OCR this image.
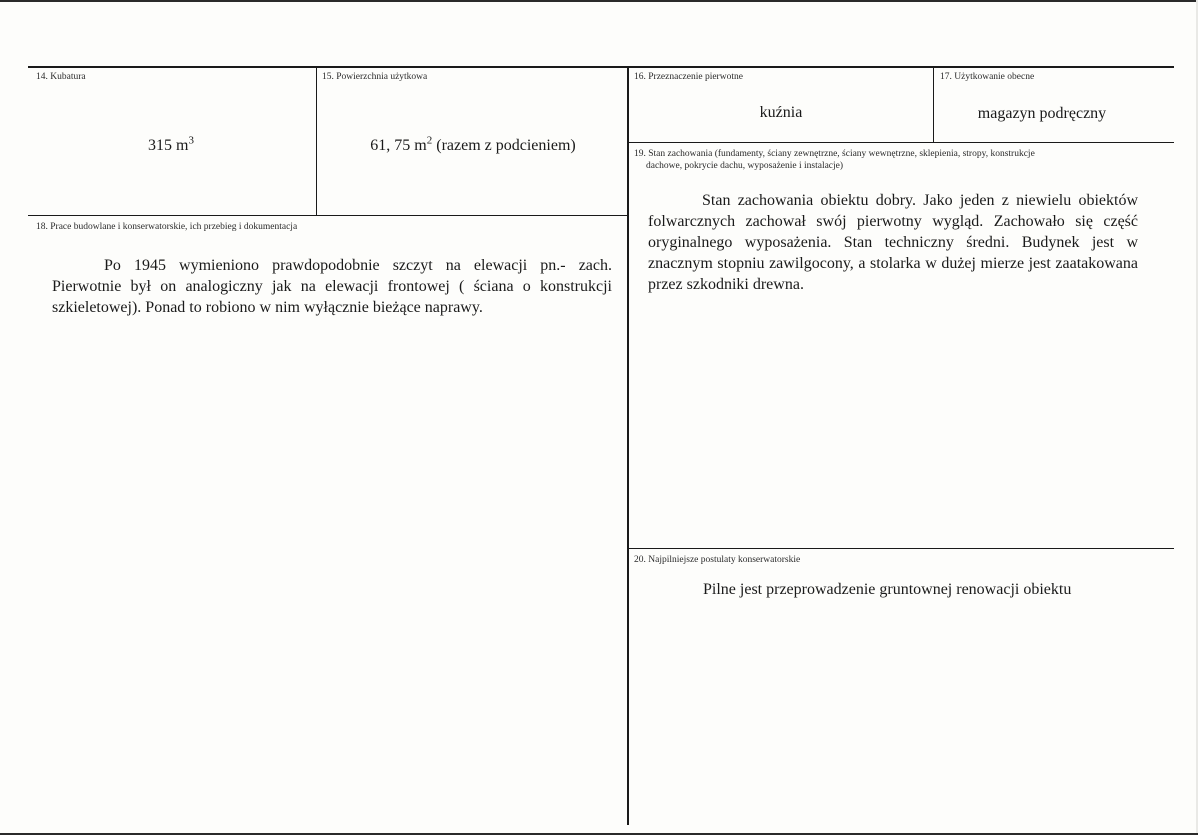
14. Kubatura
315 $m^3$
15. Powierzchnia użytkowa
61, 75 $m^2$ (razem z podcieniem)
16. Przeznaczenie pierwotne
kuźnia
17. Użytkowanie obecne
magazyn podręczny
18. Prace budowlane i konserwatorskie, ich przebieg i dokumentacja
Po 1945 wymieniono prawdopodobnie szczyt na elewacji pn.- zach. Pierwotnie był on analogiczny jak na elewacji frontowej ( ściana o konstrukcji szkieletowej). Ponad to robiono w nim wyłącznie bieżące naprawy.
19. Stan zachowania (fundamenty, ściany zewnętrzne, ściany wewnętrzne, sklepienia, stropy, konstrukcje
dachowe, pokrycie dachu, wyposażenie i instalacje)
Stan zachowania obiektu dobry. Jako jeden z niewielu obiektów folwarcznych zachował swój pierwotny wygląd. Zachowało się część oryginalnego wyposażenia. Stan techniczny średni. Budynek jest w znacznym stopniu zawilgocony, a stolarka w dużej mierze jest zaatakowana przez szkodniki drewna.
20. Najpilniejsze postulaty konserwatorskie
Pilne jest przeprowadzenie gruntownej renowacji obiektu
